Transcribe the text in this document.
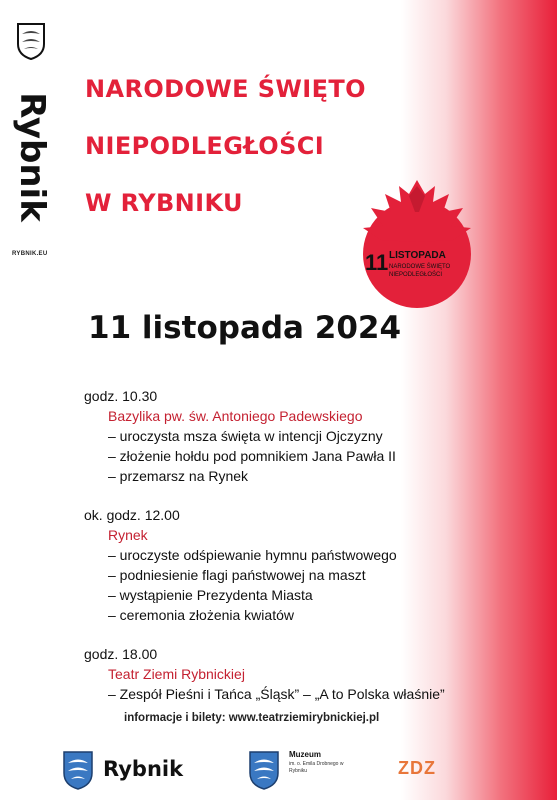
Rybnik
RYBNIK.EU
NARODOWE ŚWIĘTO
NIEPODLEGŁOŚCI
W RYBNIKU
11 LISTOPADA
NARODOWE ŚWIĘTO NIEPODLEGŁOŚCI
11 listopada 2024
godz. 10.30
Bazylika pw. św. Antoniego Padewskiego
– uroczysta msza święta w intencji Ojczyzny
– złożenie hołdu pod pomnikiem Jana Pawła II
– przemarsz na Rynek
ok. godz. 12.00
Rynek
– uroczyste odśpiewanie hymnu państwowego
– podniesienie flagi państwowej na maszt
– wystąpienie Prezydenta Miasta
– ceremonia złożenia kwiatów
godz. 18.00
Teatr Ziemi Rybnickiej
– Zespół Pieśni i Tańca „Śląsk” – „A to Polska właśnie”
informacje i bilety: www.teatrziemirybnickiej.pl
Rybnik
Muzeum
im. o. Emila Drobnego w Rybniku	ZDZ
